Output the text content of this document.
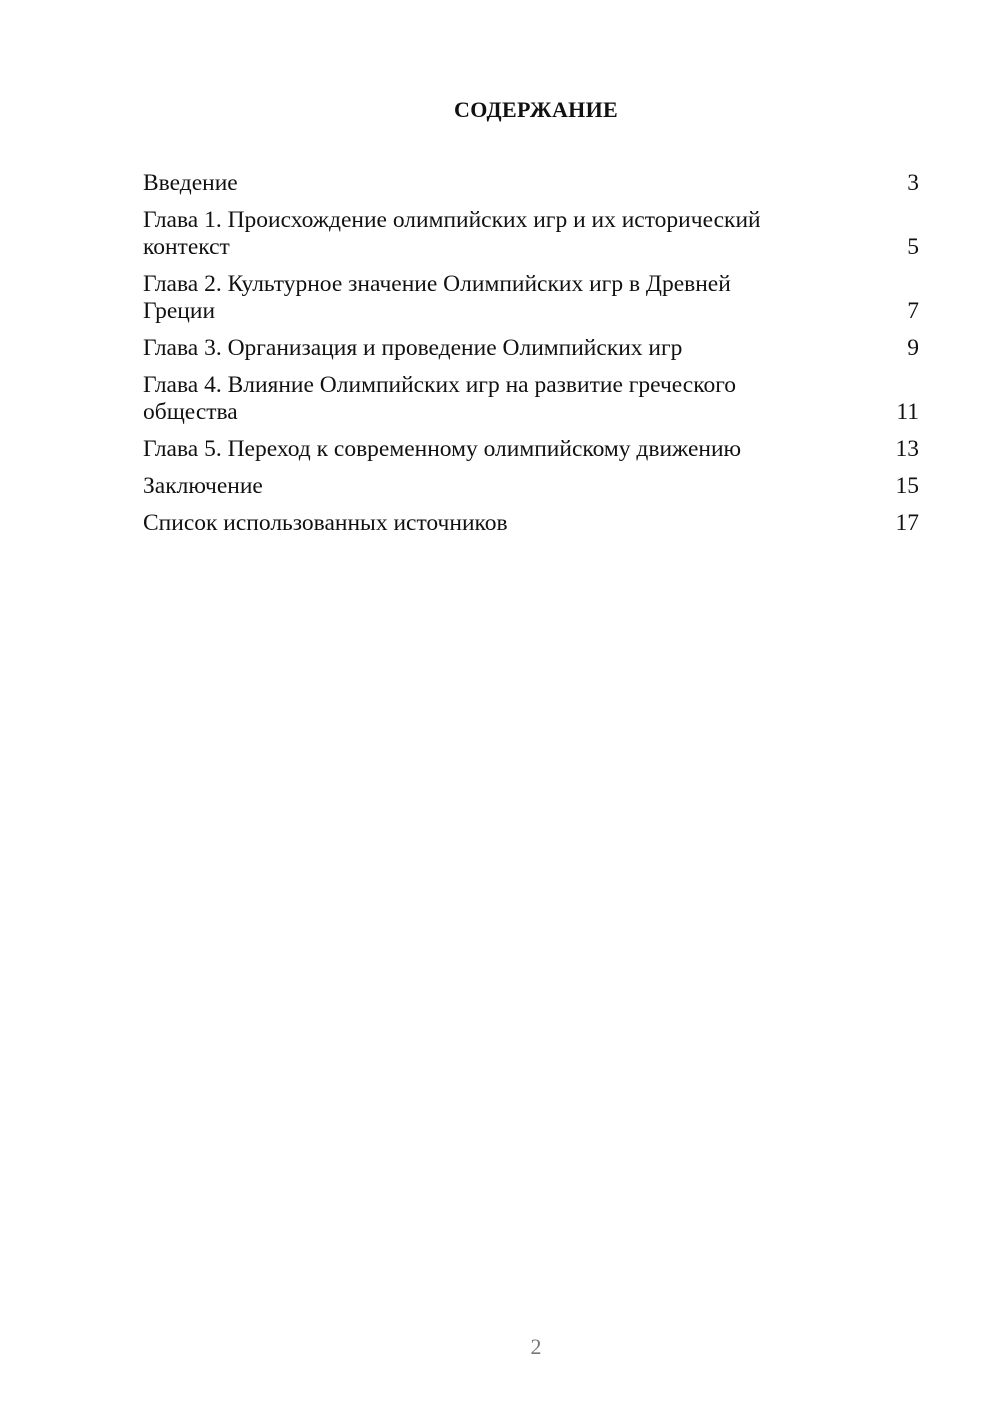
СОДЕРЖАНИЕ
Введение	3
Глава 1. Происхождение олимпийских игр и их исторический контекст	5
Глава 2. Культурное значение Олимпийских игр в Древней Греции	7
Глава 3. Организация и проведение Олимпийских игр	9
Глава 4. Влияние Олимпийских игр на развитие греческого общества	11
Глава 5. Переход к современному олимпийскому движению	13
Заключение	15
Список использованных источников	17
2
